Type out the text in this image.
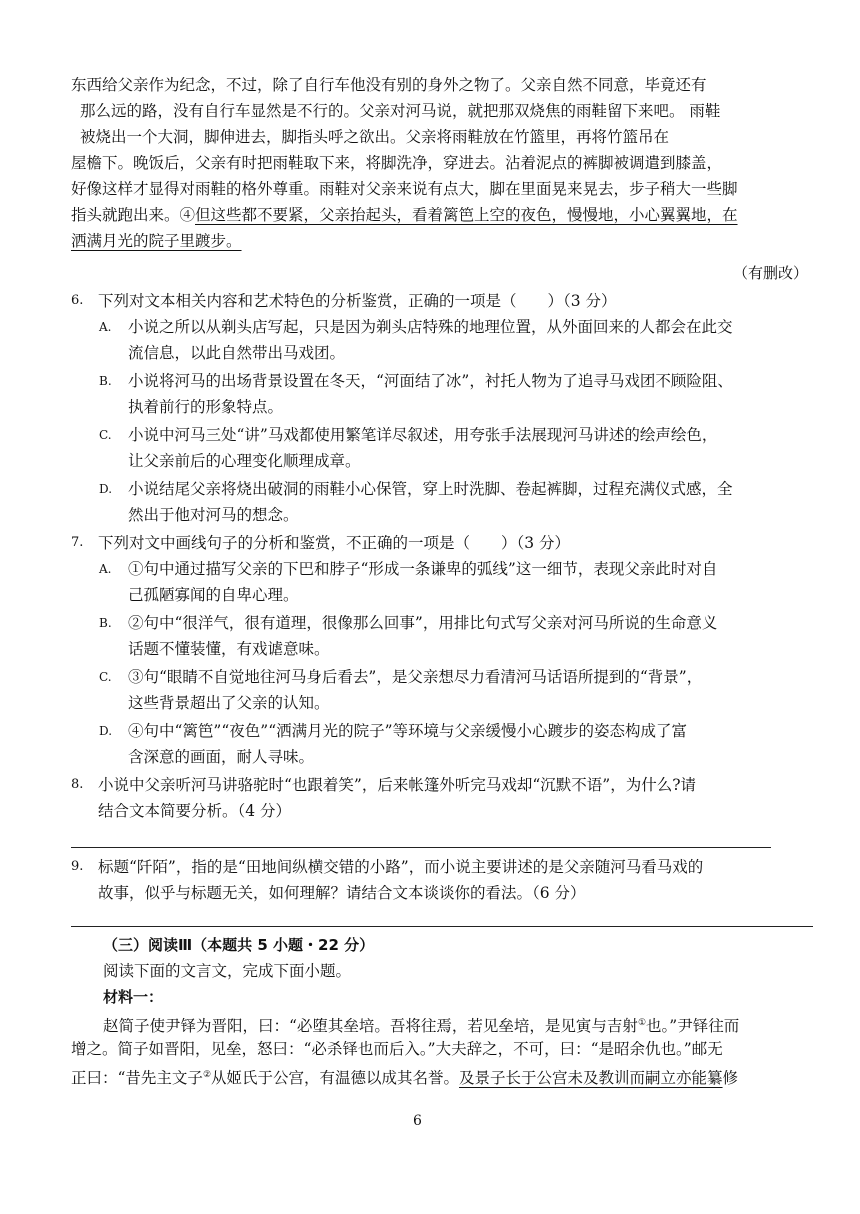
东西给父亲作为纪念，不过，除了自行车他没有别的身外之物了。父亲自然不同意，毕竟还有
那么远的路，没有自行车显然是不行的。父亲对河马说，就把那双烧焦的雨鞋留下来吧。 雨鞋
被烧出一个大洞，脚伸进去，脚指头呼之欲出。父亲将雨鞋放在竹篮里，再将竹篮吊在
屋檐下。晚饭后，父亲有时把雨鞋取下来，将脚洗净，穿进去。沾着泥点的裤脚被调遣到膝盖，
好像这样才显得对雨鞋的格外尊重。雨鞋对父亲来说有点大，脚在里面晃来晃去，步子稍大一些脚
指头就跑出来。④但这些都不要紧，父亲抬起头，看着篱笆上空的夜色，慢慢地，小心翼翼地，在
洒满月光的院子里踱步。
（有删改）
6. 下列对文本相关内容和艺术特色的分析鉴赏，正确的一项是（　　）（3 分）
A. 小说之所以从剃头店写起，只是因为剃头店特殊的地理位置，从外面回来的人都会在此交
流信息，以此自然带出马戏团。
B. 小说将河马的出场背景设置在冬天，“河面结了冰”，衬托人物为了追寻马戏团不顾险阻、
执着前行的形象特点。
C. 小说中河马三处“讲”马戏都使用繁笔详尽叙述，用夸张手法展现河马讲述的绘声绘色，
让父亲前后的心理变化顺理成章。
D. 小说结尾父亲将烧出破洞的雨鞋小心保管，穿上时洗脚、卷起裤脚，过程充满仪式感，全
然出于他对河马的想念。
7. 下列对文中画线句子的分析和鉴赏，不正确的一项是（　　）（3 分）
A. ①句中通过描写父亲的下巴和脖子“形成一条谦卑的弧线”这一细节，表现父亲此时对自
己孤陋寡闻的自卑心理。
B. ②句中“很洋气，很有道理，很像那么回事”，用排比句式写父亲对河马所说的生命意义
话题不懂装懂，有戏谑意味。
C. ③句“眼睛不自觉地往河马身后看去”，是父亲想尽力看清河马话语所提到的“背景”，
这些背景超出了父亲的认知。
D. ④句中“篱笆”“夜色”“洒满月光的院子”等环境与父亲缓慢小心踱步的姿态构成了富
含深意的画面，耐人寻味。
8. 小说中父亲听河马讲骆驼时“也跟着笑”，后来帐篷外听完马戏却“沉默不语”，为什么?请
结合文本简要分析。（4 分）
9. 标题“阡陌”，指的是“田地间纵横交错的小路”，而小说主要讲述的是父亲随河马看马戏的
故事，似乎与标题无关，如何理解？请结合文本谈谈你的看法。（6 分）
（三）阅读Ⅲ（本题共 5 小题・22 分）
阅读下面的文言文，完成下面小题。
材料一：
赵简子使尹铎为晋阳，曰：“必堕其垒培。吾将往焉，若见垒培，是见寅与吉射①也。”尹铎往而
增之。简子如晋阳，见垒，怒曰：“必杀铎也而后入。”大夫辞之，不可，曰：“是昭余仇也。”邮无
正曰：“昔先主文子②从姬氏于公宫，有温德以成其名誉。及景子长于公宫未及教训而嗣立亦能纂修
6
